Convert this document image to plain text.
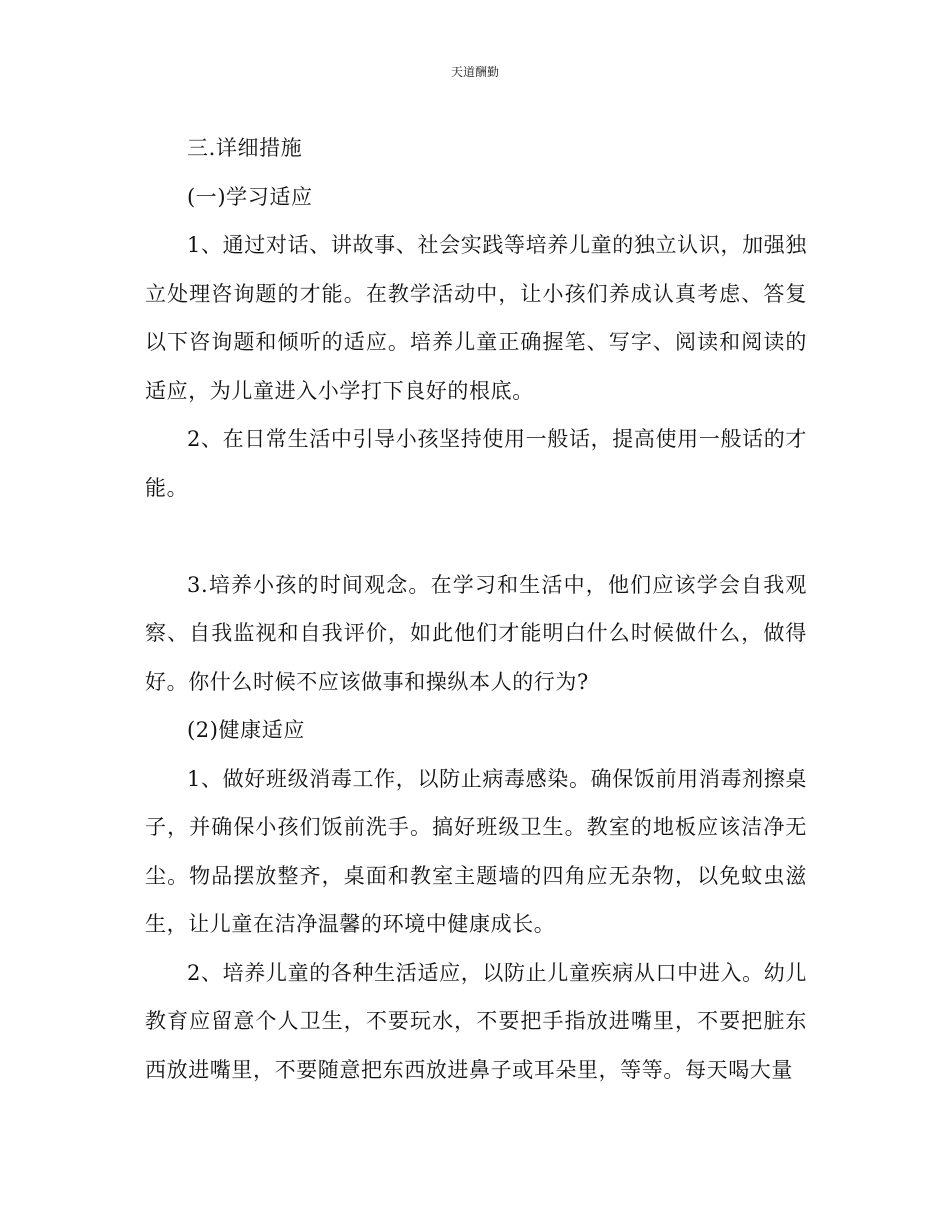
天道酬勤

三.详细措施

(一)学习适应

1、通过对话、讲故事、社会实践等培养儿童的独立认识，加强独立处理咨询题的才能。在教学活动中，让小孩们养成认真考虑、答复以下咨询题和倾听的适应。培养儿童正确握笔、写字、阅读和阅读的适应，为儿童进入小学打下良好的根底。

2、在日常生活中引导小孩坚持使用一般话，提高使用一般话的才能。

3.培养小孩的时间观念。在学习和生活中，他们应该学会自我观察、自我监视和自我评价，如此他们才能明白什么时候做什么，做得好。你什么时候不应该做事和操纵本人的行为?

(2)健康适应

1、做好班级消毒工作，以防止病毒感染。确保饭前用消毒剂擦桌子，并确保小孩们饭前洗手。搞好班级卫生。教室的地板应该洁净无尘。物品摆放整齐，桌面和教室主题墙的四角应无杂物，以免蚊虫滋生，让儿童在洁净温馨的环境中健康成长。

2、培养儿童的各种生活适应，以防止儿童疾病从口中进入。幼儿教育应留意个人卫生，不要玩水，不要把手指放进嘴里，不要把脏东西放进嘴里，不要随意把东西放进鼻子或耳朵里，等等。每天喝大量
